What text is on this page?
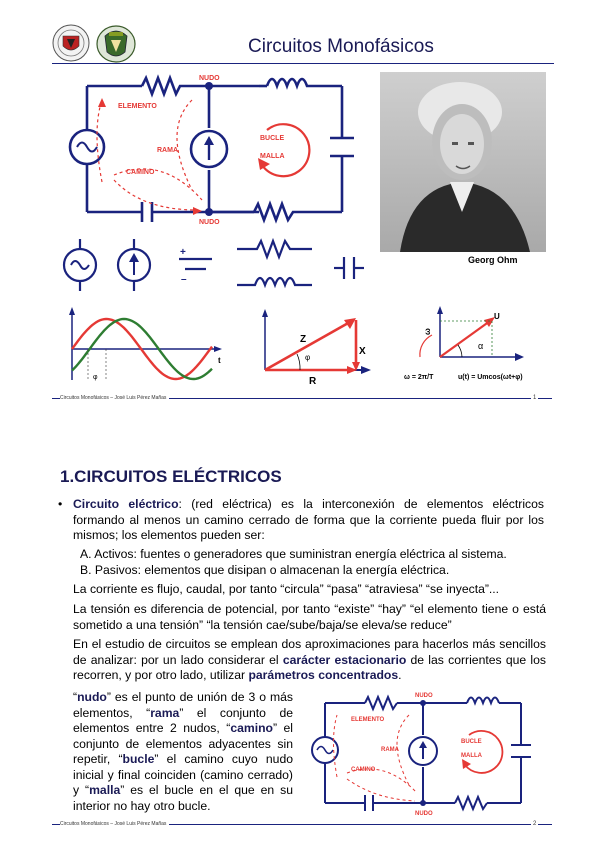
Circuitos Monofásicos
NUDO
NUDO
ELEMENTO
RAMA
CAMINO
BUCLE
MALLA
Georg Ohm
+
–
t
φ
Z
X
R
φ
ω
α
U
ω = 2π/T	u(t) = Umcos(ωt+φ)
Circuitos Monofásicos – José Luis Pérez Mañas	1
1.CIRCUITOS ELÉCTRICOS
• Circuito eléctrico: (red eléctrica) es la interconexión de elementos eléctricos formando al menos un camino cerrado de forma que la corriente pueda fluir por los mismos; los elementos pueden ser:
A. Activos: fuentes o generadores que suministran energía eléctrica al sistema.
B. Pasivos: elementos que disipan o almacenan la energía eléctrica.
La corriente es flujo, caudal, por tanto “circula” “pasa” “atraviesa” “se inyecta”...
La tensión es diferencia de potencial, por tanto “existe” “hay” “el elemento tiene o está sometido a una tensión” “la tensión cae/sube/baja/se eleva/se reduce”
En el estudio de circuitos se emplean dos aproximaciones para hacerlos más sencillos de analizar: por un lado considerar el carácter estacionario de las corrientes que los recorren, y por otro lado, utilizar parámetros concentrados.
“nudo” es el punto de unión de 3 o más elementos, “rama” el conjunto de elementos entre 2 nudos, “camino” el conjunto de elementos adyacentes sin repetir, “bucle” el camino cuyo nudo inicial y final coinciden (camino cerrado) y “malla” es el bucle en el que en su interior no hay otro bucle.
NUDO
NUDO
ELEMENTO
RAMA
CAMINO
BUCLE
MALLA
Circuitos Monofásicos – José Luis Pérez Mañas	2
